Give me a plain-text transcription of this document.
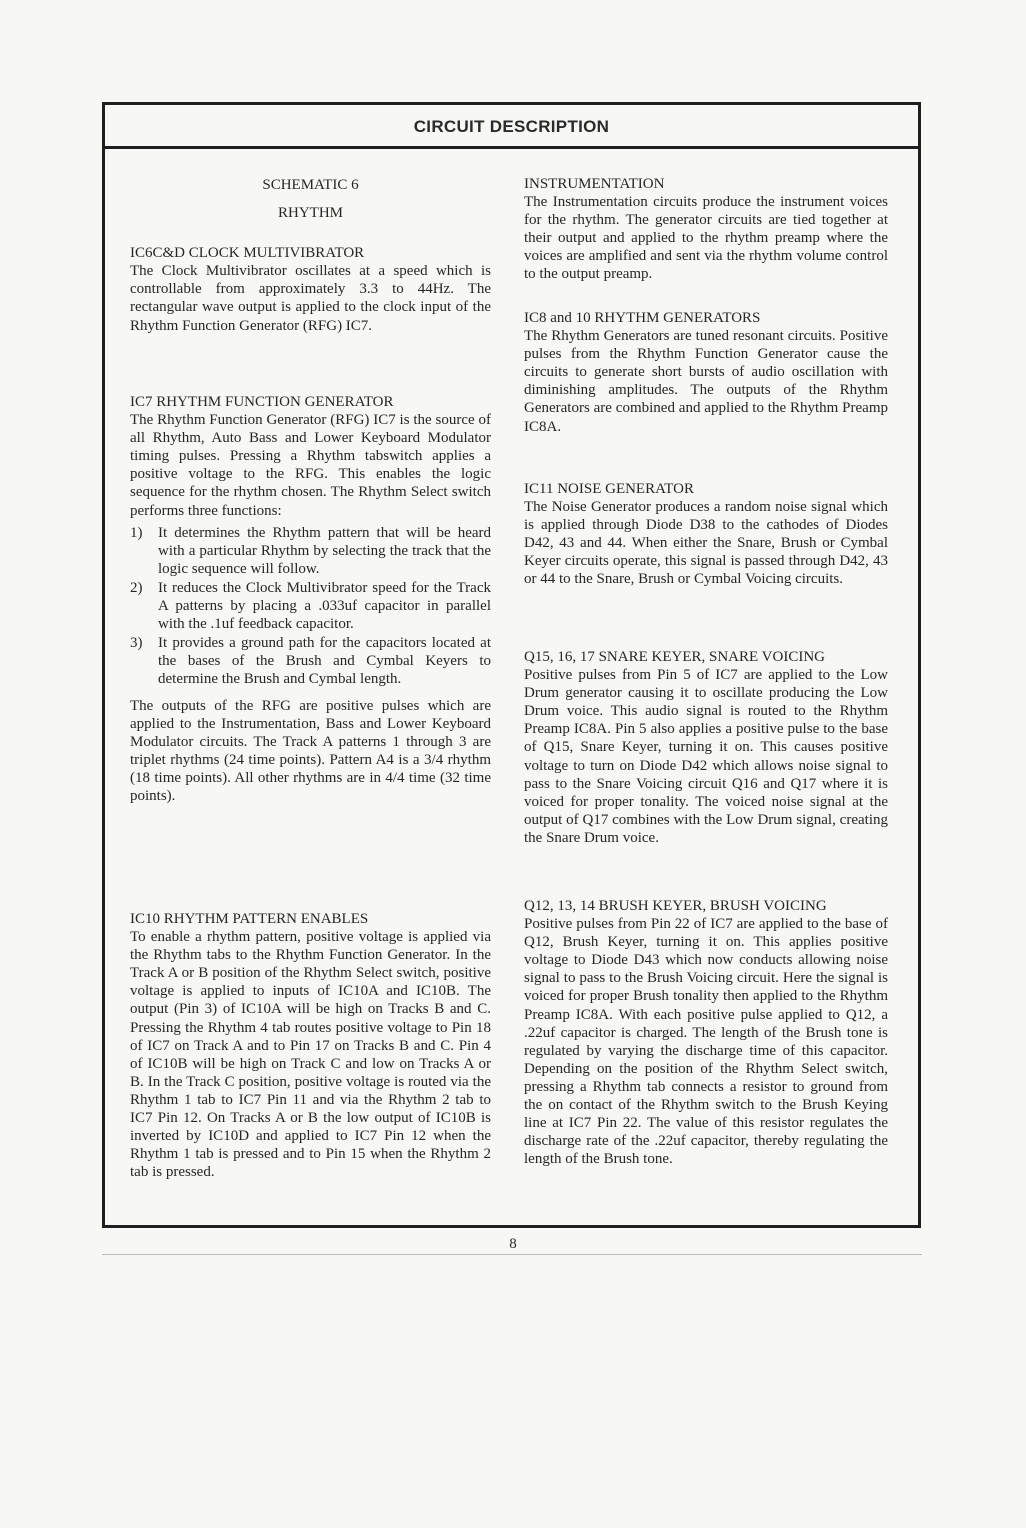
CIRCUIT DESCRIPTION

SCHEMATIC 6

RHYTHM

IC6C&D CLOCK MULTIVIBRATOR

The Clock Multivibrator oscillates at a speed which is controllable from approximately 3.3 to 44Hz. The rectangular wave output is applied to the clock input of the Rhythm Function Generator (RFG) IC7.

IC7 RHYTHM FUNCTION GENERATOR

The Rhythm Function Generator (RFG) IC7 is the source of all Rhythm, Auto Bass and Lower Keyboard Modulator timing pulses. Pressing a Rhythm tabswitch applies a positive voltage to the RFG. This enables the logic sequence for the rhythm chosen. The Rhythm Select switch performs three functions:

1) It determines the Rhythm pattern that will be heard with a particular Rhythm by selecting the track that the logic sequence will follow.
2) It reduces the Clock Multivibrator speed for the Track A patterns by placing a .033uf capacitor in parallel with the .1uf feedback capacitor.
3) It provides a ground path for the capacitors located at the bases of the Brush and Cymbal Keyers to determine the Brush and Cymbal length.

The outputs of the RFG are positive pulses which are applied to the Instrumentation, Bass and Lower Keyboard Modulator circuits. The Track A patterns 1 through 3 are triplet rhythms (24 time points). Pattern A4 is a 3/4 rhythm (18 time points). All other rhythms are in 4/4 time (32 time points).

IC10 RHYTHM PATTERN ENABLES

To enable a rhythm pattern, positive voltage is applied via the Rhythm tabs to the Rhythm Function Generator. In the Track A or B position of the Rhythm Select switch, positive voltage is applied to inputs of IC10A and IC10B. The output (Pin 3) of IC10A will be high on Tracks B and C. Pressing the Rhythm 4 tab routes positive voltage to Pin 18 of IC7 on Track A and to Pin 17 on Tracks B and C. Pin 4 of IC10B will be high on Track C and low on Tracks A or B. In the Track C position, positive voltage is routed via the Rhythm 1 tab to IC7 Pin 11 and via the Rhythm 2 tab to IC7 Pin 12. On Tracks A or B the low output of IC10B is inverted by IC10D and applied to IC7 Pin 12 when the Rhythm 1 tab is pressed and to Pin 15 when the Rhythm 2 tab is pressed.

INSTRUMENTATION

The Instrumentation circuits produce the instrument voices for the rhythm. The generator circuits are tied together at their output and applied to the rhythm preamp where the voices are amplified and sent via the rhythm volume control to the output preamp.

IC8 and 10 RHYTHM GENERATORS

The Rhythm Generators are tuned resonant circuits. Positive pulses from the Rhythm Function Generator cause the circuits to generate short bursts of audio oscillation with diminishing amplitudes. The outputs of the Rhythm Generators are combined and applied to the Rhythm Preamp IC8A.

IC11 NOISE GENERATOR

The Noise Generator produces a random noise signal which is applied through Diode D38 to the cathodes of Diodes D42, 43 and 44. When either the Snare, Brush or Cymbal Keyer circuits operate, this signal is passed through D42, 43 or 44 to the Snare, Brush or Cymbal Voicing circuits.

Q15, 16, 17 SNARE KEYER, SNARE VOICING

Positive pulses from Pin 5 of IC7 are applied to the Low Drum generator causing it to oscillate producing the Low Drum voice. This audio signal is routed to the Rhythm Preamp IC8A. Pin 5 also applies a positive pulse to the base of Q15, Snare Keyer, turning it on. This causes positive voltage to turn on Diode D42 which allows noise signal to pass to the Snare Voicing circuit Q16 and Q17 where it is voiced for proper tonality. The voiced noise signal at the output of Q17 combines with the Low Drum signal, creating the Snare Drum voice.

Q12, 13, 14 BRUSH KEYER, BRUSH VOICING

Positive pulses from Pin 22 of IC7 are applied to the base of Q12, Brush Keyer, turning it on. This applies positive voltage to Diode D43 which now conducts allowing noise signal to pass to the Brush Voicing circuit. Here the signal is voiced for proper Brush tonality then applied to the Rhythm Preamp IC8A. With each positive pulse applied to Q12, a .22uf capacitor is charged. The length of the Brush tone is regulated by varying the discharge time of this capacitor. Depending on the position of the Rhythm Select switch, pressing a Rhythm tab connects a resistor to ground from the on contact of the Rhythm switch to the Brush Keying line at IC7 Pin 22. The value of this resistor regulates the discharge rate of the .22uf capacitor, thereby regulating the length of the Brush tone.

8
